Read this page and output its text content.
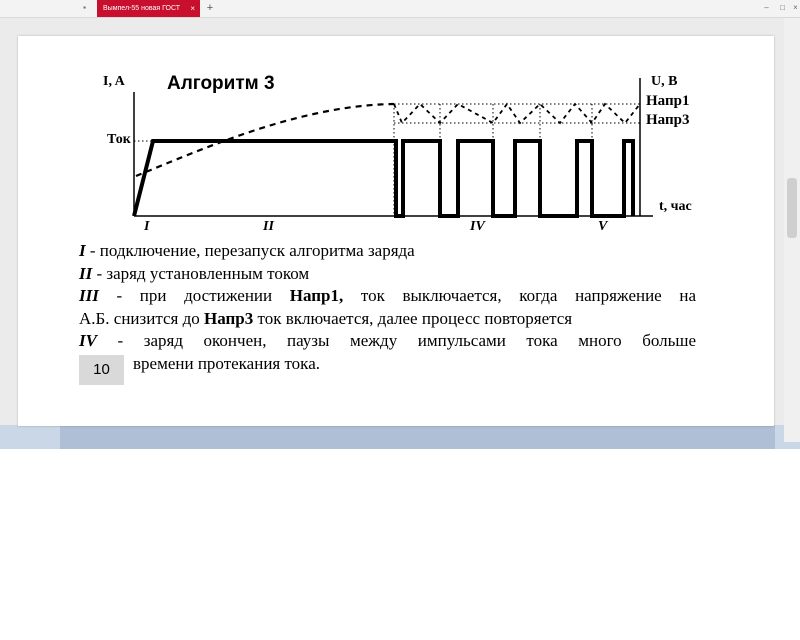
▪	– □ ×
Вымпел-55 новая ГОСТ × +
Алгоритм 3
I, A	U, B
Ток
Напр1
Напр3
t, час
I	II	IV	V

I - подключение, перезапуск алгоритма заряда

II - заряд установленным током

III - при достижении Напр1, ток выключается, когда напряжение на

А.Б. снизится до Напр3 ток включается, далее процесс повторяется

IV - заряд окончен, паузы между импульсами тока много больше

времени протекания тока.

10
